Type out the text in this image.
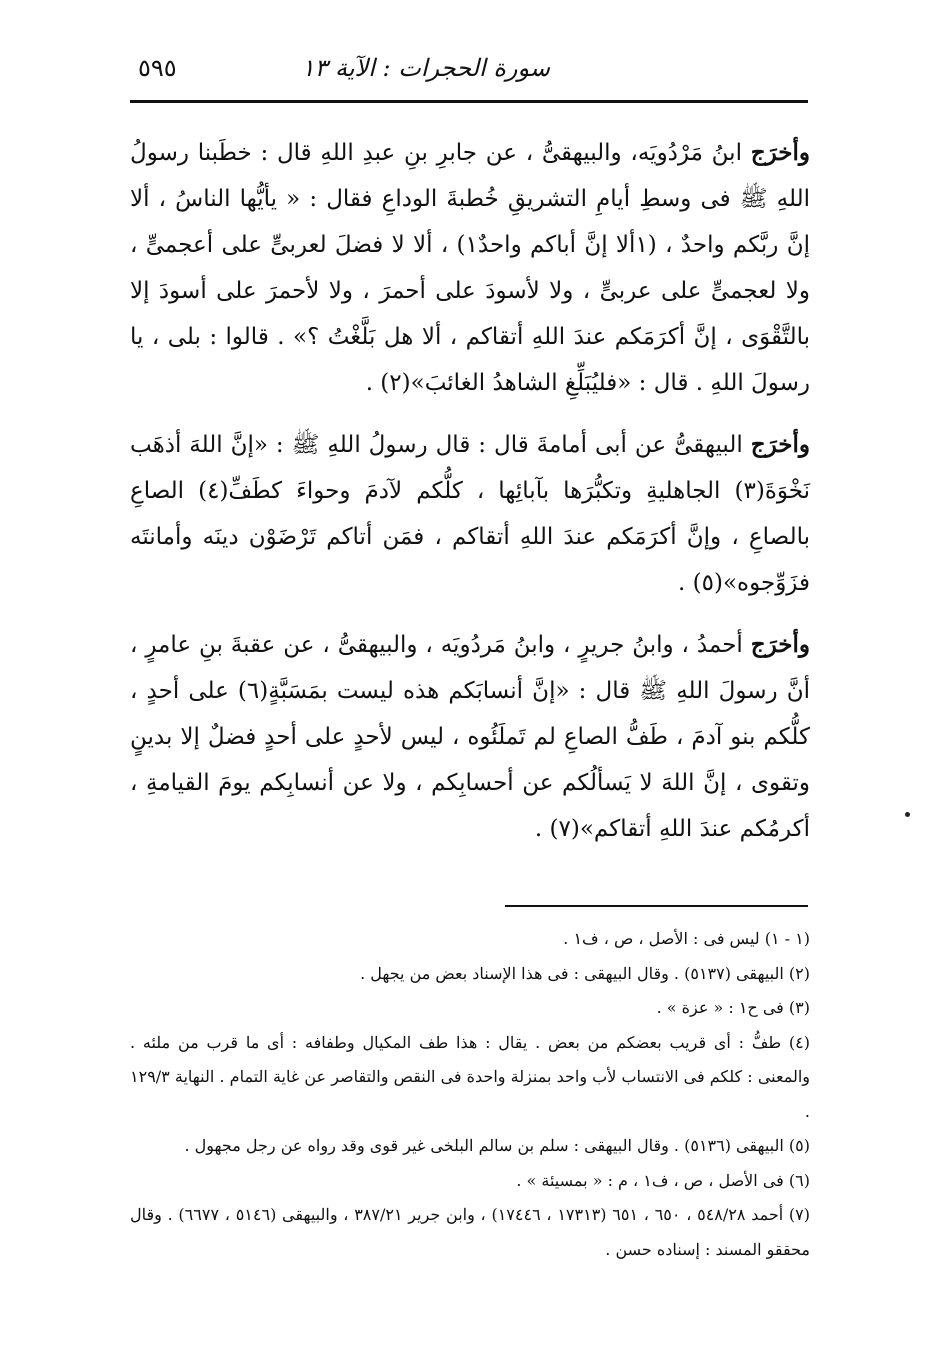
سورة الحجرات : الآية ١٣
٥٩٥

وأخرَج ابنُ مَرْدُويَه، والبيهقىُّ ، عن جابرِ بنِ عبدِ اللهِ قال : خطَبنا رسولُ اللهِ ﷺ فى وسطِ أيامِ التشريقِ خُطبةَ الوداعِ فقال : « يأيُّها الناسُ ، ألا إنَّ ربَّكم واحدٌ ، (١ألا إنَّ أباكم واحدٌ١) ، ألا لا فضلَ لعربىٍّ على أعجمىٍّ ، ولا لعجمىٍّ على عربىٍّ ، ولا لأسودَ على أحمرَ ، ولا لأحمرَ على أسودَ إلا بالتَّقْوَى ، إنَّ أكرَمَكم عندَ اللهِ أتقاكم ، ألا هل بَلَّغْتُ ؟» . قالوا : بلى ، يا رسولَ اللهِ . قال : «فليُبَلِّغِ الشاهدُ الغائبَ»(٢) .

وأخرَج البيهقىُّ عن أبى أمامةَ قال : قال رسولُ اللهِ ﷺ : «إنَّ اللهَ أذهَب نَخْوَةَ(٣) الجاهليةِ وتكبُّرَها بآبائِها ، كلُّكم لآدمَ وحواءَ كطَفِّ(٤) الصاعِ بالصاعِ ، وإنَّ أكرَمَكم عندَ اللهِ أتقاكم ، فمَن أتاكم تَرْضَوْن دينَه وأمانتَه فزَوِّجوه»(٥) .

وأخرَج أحمدُ ، وابنُ جريرٍ ، وابنُ مَردُويَه ، والبيهقىُّ ، عن عقبةَ بنِ عامرٍ ، أنَّ رسولَ اللهِ ﷺ قال : «إنَّ أنسابَكم هذه ليست بمَسَبَّةٍ(٦) على أحدٍ ، كلُّكم بنو آدمَ ، طَفُّ الصاعِ لم تَملَئُوه ، ليس لأحدٍ على أحدٍ فضلٌ إلا بدينٍ وتقوى ، إنَّ اللهَ لا يَسألُكم عن أحسابِكم ، ولا عن أنسابِكم يومَ القيامةِ ، أكرمُكم عندَ اللهِ أتقاكم»(٧) .

(١ - ١) ليس فى : الأصل ، ص ، ف١ .

(٢) البيهقى (٥١٣٧) . وقال البيهقى : فى هذا الإسناد بعض من يجهل .

(٣) فى ح١ : « عزة » .

(٤) طفُّ : أى قريب بعضكم من بعض . يقال : هذا طف المكيال وطفافه : أى ما قرب من ملئه . والمعنى : كلكم فى الانتساب لأب واحد بمنزلة واحدة فى النقص والتقاصر عن غاية التمام . النهاية ١٢٩/٣ .

(٥) البيهقى (٥١٣٦) . وقال البيهقى : سلم بن سالم البلخى غير قوى وقد رواه عن رجل مجهول .

(٦) فى الأصل ، ص ، ف١ ، م : « بمسيئة » .

(٧) أحمد ٥٤٨/٢٨ ، ٦٥٠ ، ٦٥١ (١٧٣١٣ ، ١٧٤٤٦) ، وابن جرير ٣٨٧/٢١ ، والبيهقى (٥١٤٦ ، ٦٦٧٧) . وقال محققو المسند : إسناده حسن .
